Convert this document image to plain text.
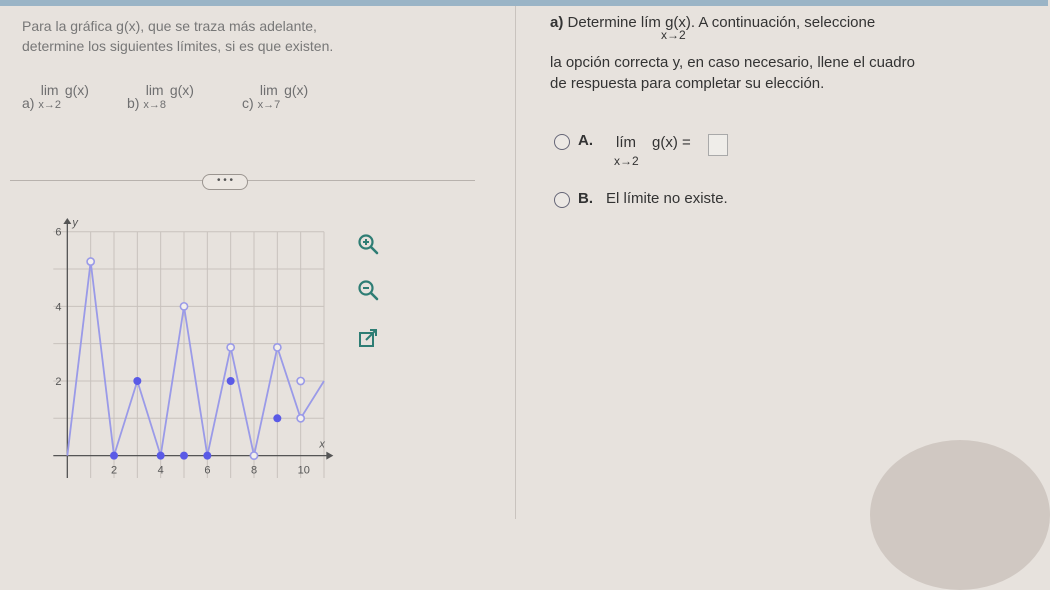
Para la gráfica g(x), que se traza más adelante,
determine los siguientes límites, si es que existen.
a) lim
x→2
g(x)
b) lim
x→8
g(x)
c) lim
x→7
g(x)
• • •
2	4	6	8	10
2
4
6
x
y
a) Determine lím g(x). A continuación, seleccione
x→2
la opción correcta y, en caso necesario, llene el cuadro
de respuesta para completar su elección.
A. lím g(x) =
x→2
B. El límite no existe.
